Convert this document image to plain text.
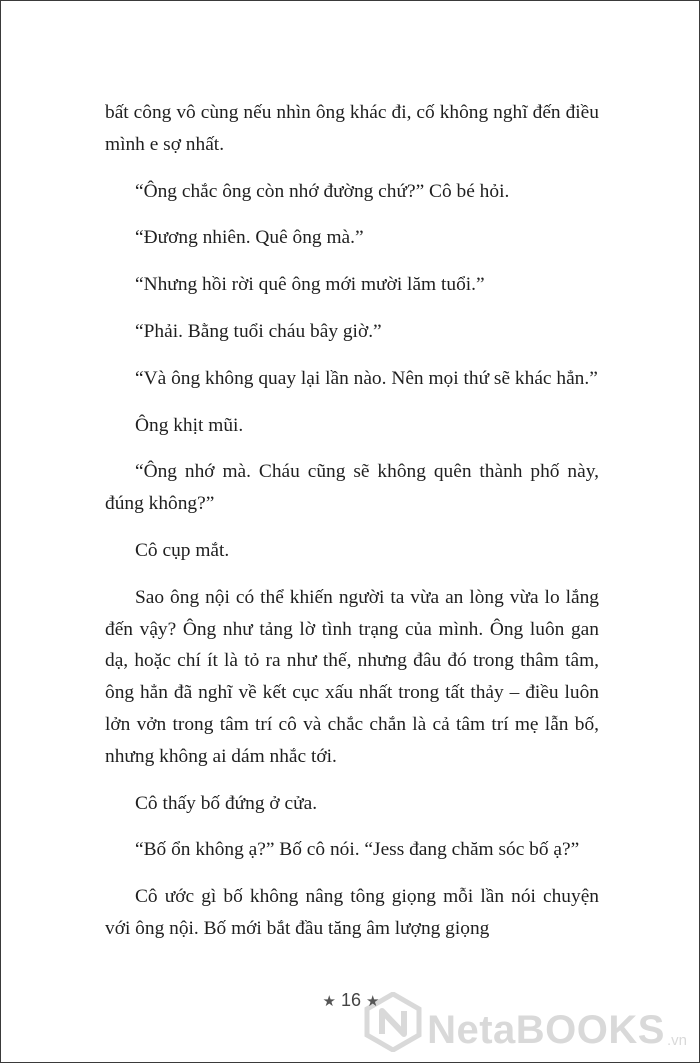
bất công vô cùng nếu nhìn ông khác đi, cố không nghĩ đến điều mình e sợ nhất.

“Ông chắc ông còn nhớ đường chứ?” Cô bé hỏi.

“Đương nhiên. Quê ông mà.”

“Nhưng hồi rời quê ông mới mười lăm tuổi.”

“Phải. Bằng tuổi cháu bây giờ.”

“Và ông không quay lại lần nào. Nên mọi thứ sẽ khác hẳn.”

Ông khịt mũi.

“Ông nhớ mà. Cháu cũng sẽ không quên thành phố này, đúng không?”

Cô cụp mắt.

Sao ông nội có thể khiến người ta vừa an lòng vừa lo lắng đến vậy? Ông như tảng lờ tình trạng của mình. Ông luôn gan dạ, hoặc chí ít là tỏ ra như thế, nhưng đâu đó trong thâm tâm, ông hẳn đã nghĩ về kết cục xấu nhất trong tất thảy – điều luôn lởn vởn trong tâm trí cô và chắc chắn là cả tâm trí mẹ lẫn bố, nhưng không ai dám nhắc tới.

Cô thấy bố đứng ở cửa.

“Bố ổn không ạ?” Bố cô nói. “Jess đang chăm sóc bố ạ?”

Cô ước gì bố không nâng tông giọng mỗi lần nói chuyện với ông nội. Bố mới bắt đầu tăng âm lượng giọng

★ 16 ★
NetaBOOKS .vn
